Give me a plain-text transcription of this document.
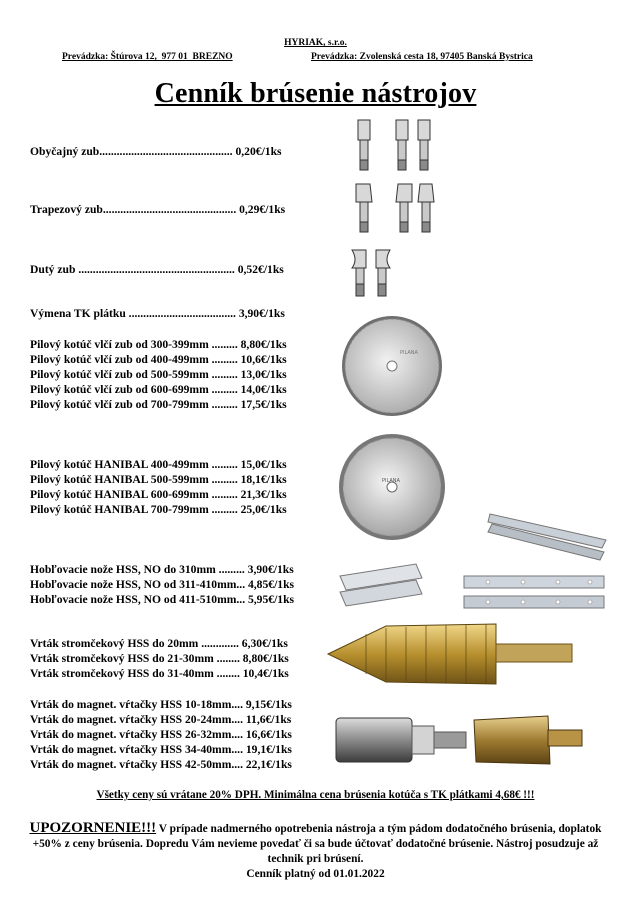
HYRIAK, s.r.o.
Prevádzka: Štúrova 12,  977 01  BREZNO	Prevádzka: Zvolenská cesta 18, 97405 Banská Bystrica
Cenník brúsenie nástrojov
Obyčajný zub.............................................. 0,20€/1ks
Trapezový zub.............................................. 0,29€/1ks
Dutý zub ...................................................... 0,52€/1ks
Výmena TK plátku ..................................... 3,90€/1ks
Pilový kotúč vlčí zub od 300-399mm ......... 8,80€/1ks
Pilový kotúč vlčí zub od 400-499mm ......... 10,6€/1ks
Pilový kotúč vlčí zub od 500-599mm ......... 13,0€/1ks
Pilový kotúč vlčí zub od 600-699mm ......... 14,0€/1ks
Pilový kotúč vlčí zub od 700-799mm ......... 17,5€/1ks
Pilový kotúč HANIBAL 400-499mm ......... 15,0€/1ks
Pilový kotúč HANIBAL 500-599mm ......... 18,1€/1ks
Pilový kotúč HANIBAL 600-699mm ......... 21,3€/1ks
Pilový kotúč HANIBAL 700-799mm ......... 25,0€/1ks
Hobľovacie nože HSS, NO do 310mm ......... 3,90€/1ks
Hobľovacie nože HSS, NO od 311-410mm... 4,85€/1ks
Hobľovacie nože HSS, NO od 411-510mm... 5,95€/1ks
Vrták stromčekový HSS do 20mm ............. 6,30€/1ks
Vrták stromčekový HSS do 21-30mm ........ 8,80€/1ks
Vrták stromčekový HSS do 31-40mm ........ 10,4€/1ks
Vrták do magnet. vŕtačky HSS 10-18mm.... 9,15€/1ks
Vrták do magnet. vŕtačky HSS 20-24mm.... 11,6€/1ks
Vrták do magnet. vŕtačky HSS 26-32mm.... 16,6€/1ks
Vrták do magnet. vŕtačky HSS 34-40mm.... 19,1€/1ks
Vrták do magnet. vŕtačky HSS 42-50mm.... 22,1€/1ks
PILANA
PILANA
Všetky ceny sú vrátane 20% DPH. Minimálna cena brúsenia kotúča s TK plátkami 4,68€ !!!
UPOZORNENIE!!! V prípade nadmerného opotrebenia nástroja a tým pádom dodatočného brúsenia, doplatok +50% z ceny brúsenia. Dopredu Vám nevieme povedať či sa bude účtovať dodatočné brúsenie. Nástroj posudzuje až technik pri brúsení.
Cenník platný od 01.01.2022
